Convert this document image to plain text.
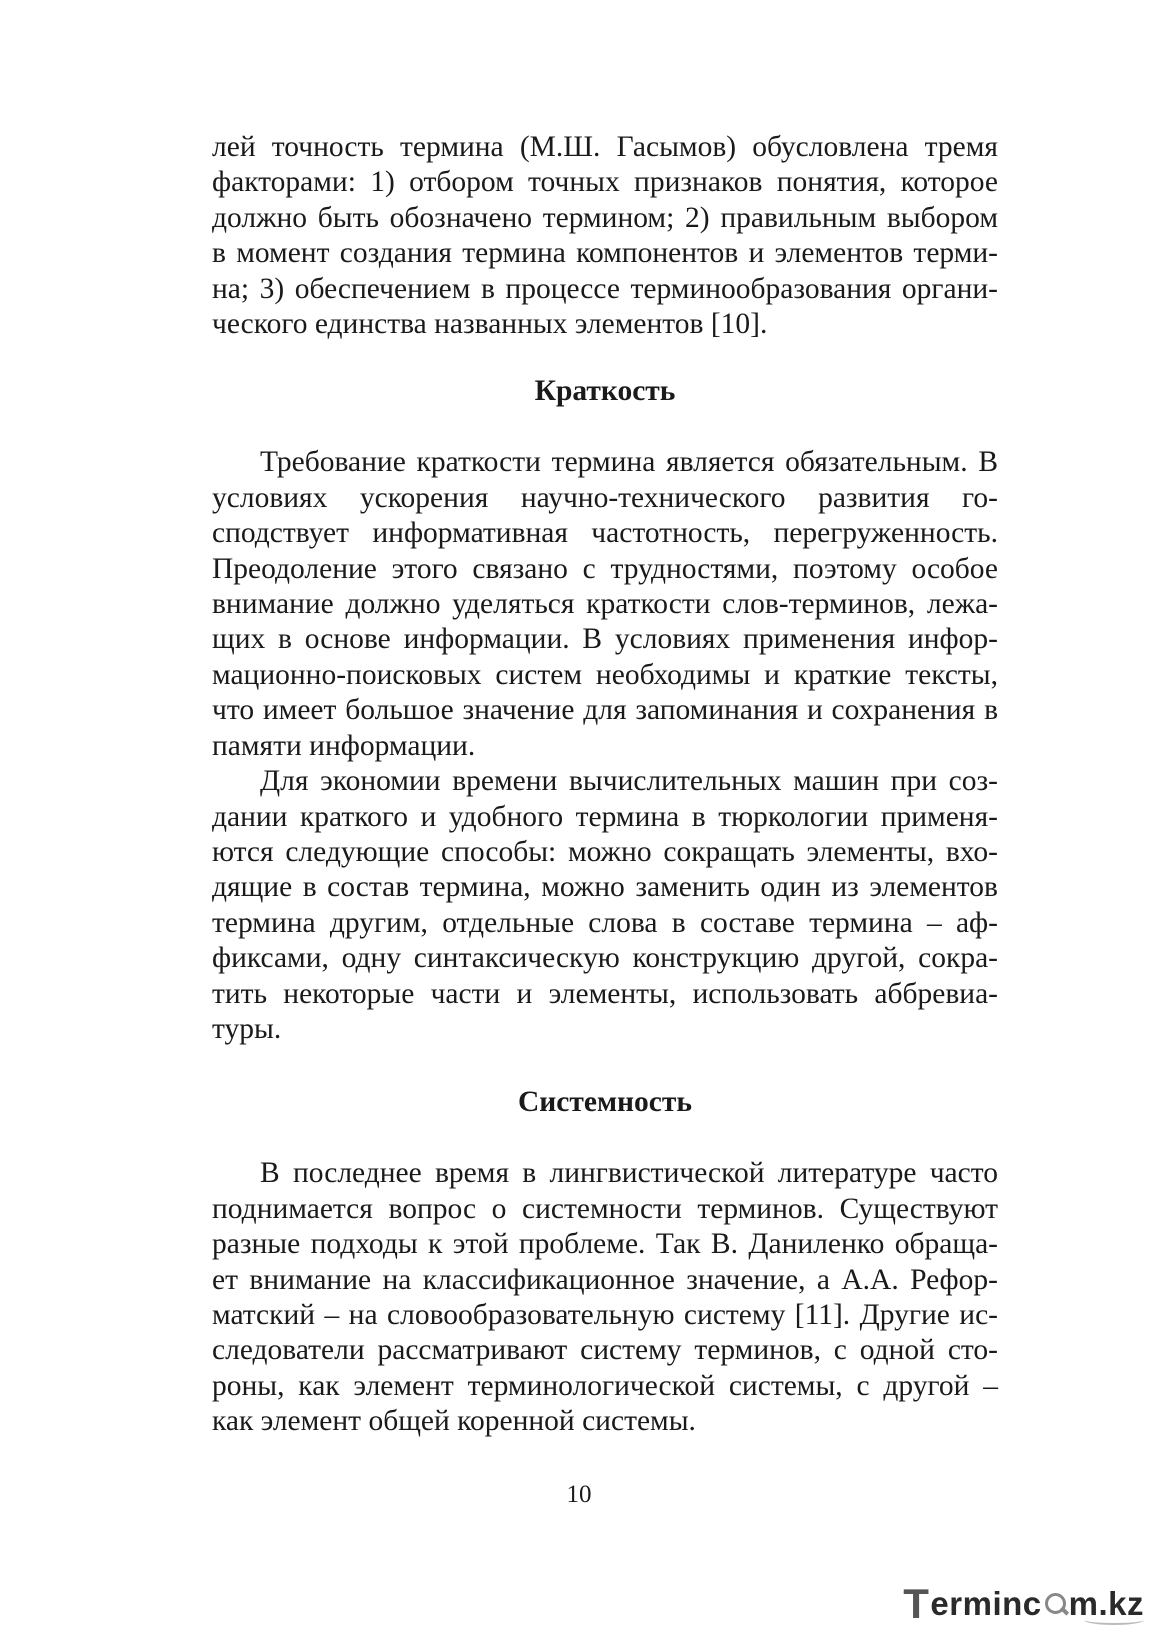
лей точность термина (М.Ш. Гасымов) обусловлена тремя факторами: 1) отбором точных признаков понятия, которое должно быть обозначено термином; 2) правильным выбором в момент создания термина компонентов и элементов терми- на; 3) обеспечением в процессе терминообразования органи- ческого единства названных элементов [10].

Краткость

Требование краткости термина является обязательным. В условиях ускорения научно-технического развития го- сподствует информативная частотность, перегруженность. Преодоление этого связано с трудностями, поэтому особое внимание должно уделяться краткости слов-терминов, лежа- щих в основе информации. В условиях применения инфор- мационно-поисковых систем необходимы и краткие тексты, что имеет большое значение для запоминания и сохранения в памяти информации.

Для экономии времени вычислительных машин при соз- дании краткого и удобного термина в тюркологии применя- ются следующие способы: можно сокращать элементы, вхо- дящие в состав термина, можно заменить один из элементов термина другим, отдельные слова в составе термина – аф- фиксами, одну синтаксическую конструкцию другой, сокра- тить некоторые части и элементы, использовать аббревиа- туры.

Системность

В последнее время в лингвистической литературе часто поднимается вопрос о системности терминов. Существуют разные подходы к этой проблеме. Так В. Даниленко обраща- ет внимание на классификационное значение, а А.А. Рефор- матский – на словообразовательную систему [11]. Другие ис- следователи рассматривают систему терминов, с одной сто- роны, как элемент терминологической системы, с другой – как элемент общей коренной системы.

10
T erminc m.kz
